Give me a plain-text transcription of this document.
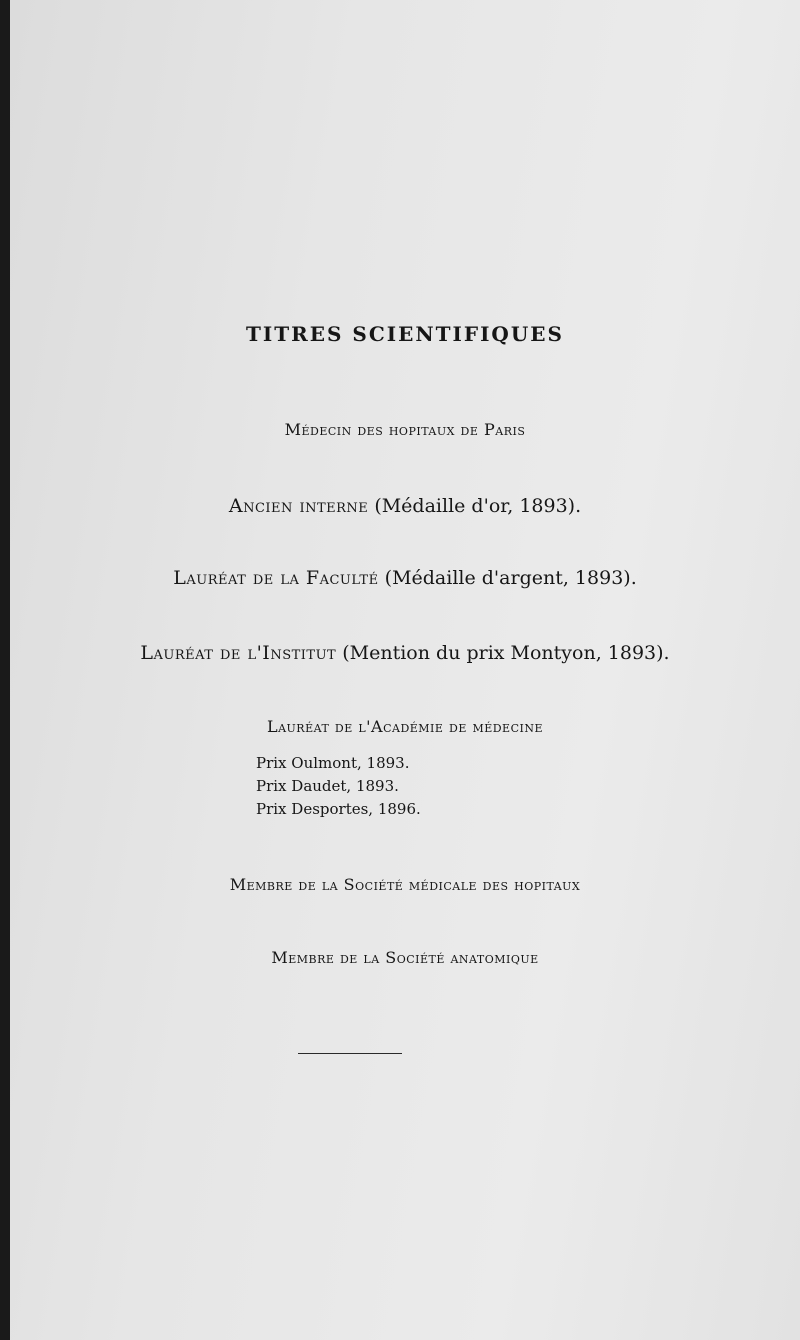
TITRES SCIENTIFIQUES
Médecin des hopitaux de Paris
Ancien interne (Médaille d'or, 1893).
Lauréat de la Faculté (Médaille d'argent, 1893).
Lauréat de l'Institut (Mention du prix Montyon, 1893).
Lauréat de l'Académie de médecine
Prix Oulmont, 1893.
Prix Daudet, 1893.
Prix Desportes, 1896.
Membre de la Société médicale des hopitaux
Membre de la Société anatomique
